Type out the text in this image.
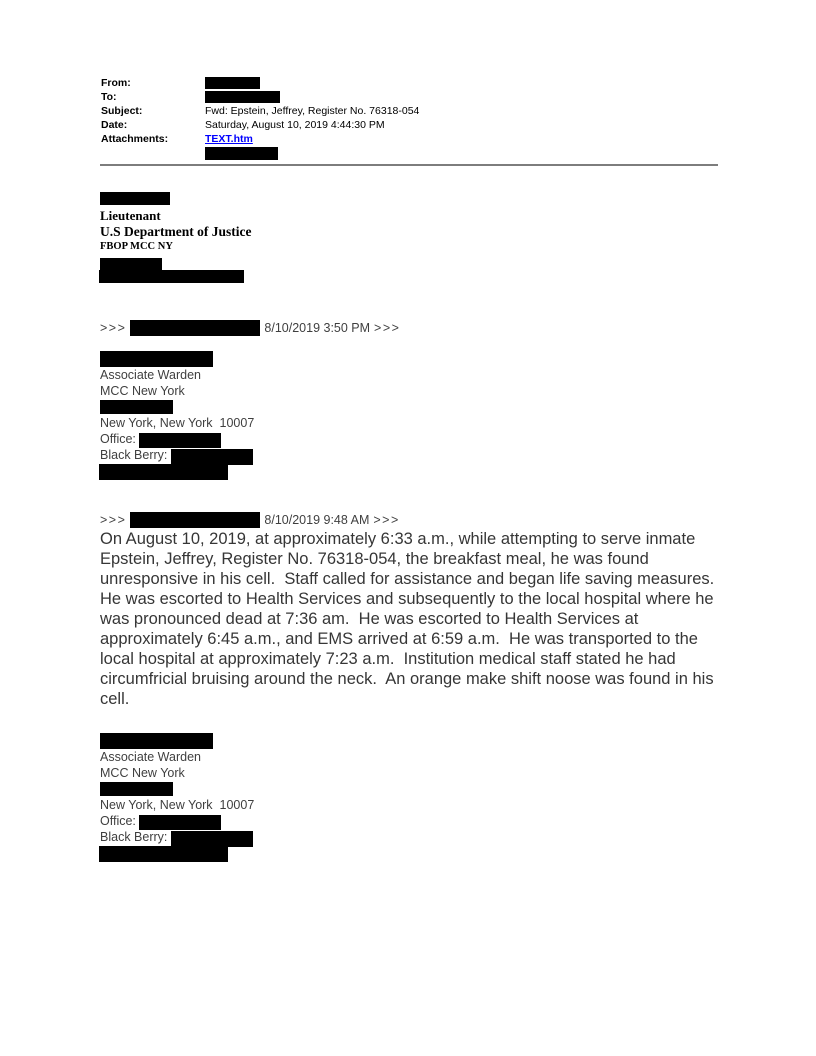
From:
To:
Subject:	Fwd: Epstein, Jeffrey, Register No. 76318-054
Date:	Saturday, August 10, 2019 4:44:30 PM
Attachments:	TEXT.htm
Lieutenant
U.S Department of Justice
FBOP MCC NY
>>>	8/10/2019 3:50 PM >>>
Associate Warden
MCC New York
New York, New York  10007
Office:
Black Berry:
>>>	8/10/2019 9:48 AM >>>
On August 10, 2019, at approximately 6:33 a.m., while attempting to serve inmate Epstein, Jeffrey, Register No. 76318-054, the breakfast meal, he was found unresponsive in his cell.  Staff called for assistance and began life saving measures.  He was escorted to Health Services and subsequently to the local hospital where he was pronounced dead at 7:36 am.  He was escorted to Health Services at approximately 6:45 a.m., and EMS arrived at 6:59 a.m.  He was transported to the local hospital at approximately 7:23 a.m.  Institution medical staff stated he had circumfricial bruising around the neck.  An orange make shift noose was found in his cell.
Associate Warden
MCC New York
New York, New York  10007
Office:
Black Berry:
